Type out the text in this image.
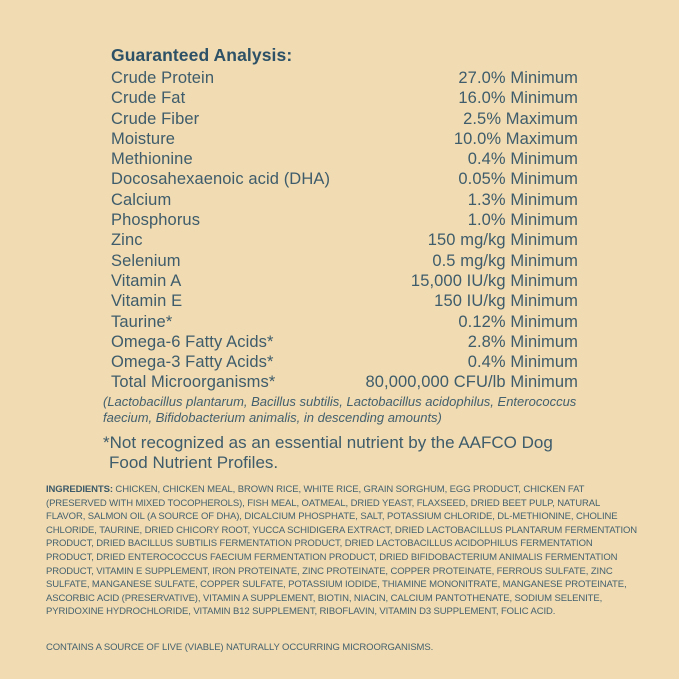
Guaranteed Analysis:
Crude Protein	27.0% Minimum
Crude Fat	16.0% Minimum
Crude Fiber	2.5% Maximum
Moisture	10.0% Maximum
Methionine	0.4% Minimum
Docosahexaenoic acid (DHA)	0.05% Minimum
Calcium	1.3% Minimum
Phosphorus	1.0% Minimum
Zinc	150 mg/kg Minimum
Selenium	0.5 mg/kg Minimum
Vitamin A	15,000 IU/kg Minimum
Vitamin E	150 IU/kg Minimum
Taurine*	0.12% Minimum
Omega-6 Fatty Acids*	2.8% Minimum
Omega-3 Fatty Acids*	0.4% Minimum
Total Microorganisms*	80,000,000 CFU/lb Minimum
(Lactobacillus plantarum, Bacillus subtilis, Lactobacillus acidophilus, Enterococcus faecium, Bifidobacterium animalis, in descending amounts)
*Not recognized as an essential nutrient by the AAFCO Dog Food Nutrient Profiles.
INGREDIENTS: CHICKEN, CHICKEN MEAL, BROWN RICE, WHITE RICE, GRAIN SORGHUM, EGG PRODUCT, CHICKEN FAT (PRESERVED WITH MIXED TOCOPHEROLS), FISH MEAL, OATMEAL, DRIED YEAST, FLAXSEED, DRIED BEET PULP, NATURAL FLAVOR, SALMON OIL (A SOURCE OF DHA), DICALCIUM PHOSPHATE, SALT, POTASSIUM CHLORIDE, DL-METHIONINE, CHOLINE CHLORIDE, TAURINE, DRIED CHICORY ROOT, YUCCA SCHIDIGERA EXTRACT, DRIED LACTOBACILLUS PLANTARUM FERMENTATION PRODUCT, DRIED BACILLUS SUBTILIS FERMENTATION PRODUCT, DRIED LACTOBACILLUS ACIDOPHILUS FERMENTATION PRODUCT, DRIED ENTEROCOCCUS FAECIUM FERMENTATION PRODUCT, DRIED BIFIDOBACTERIUM ANIMALIS FERMENTATION PRODUCT, VITAMIN E SUPPLEMENT, IRON PROTEINATE, ZINC PROTEINATE, COPPER PROTEINATE, FERROUS SULFATE, ZINC SULFATE, MANGANESE SULFATE, COPPER SULFATE, POTASSIUM IODIDE, THIAMINE MONONITRATE, MANGANESE PROTEINATE, ASCORBIC ACID (PRESERVATIVE), VITAMIN A SUPPLEMENT, BIOTIN, NIACIN, CALCIUM PANTOTHENATE, SODIUM SELENITE, PYRIDOXINE HYDROCHLORIDE, VITAMIN B12 SUPPLEMENT, RIBOFLAVIN, VITAMIN D3 SUPPLEMENT, FOLIC ACID.
CONTAINS A SOURCE OF LIVE (VIABLE) NATURALLY OCCURRING MICROORGANISMS.
